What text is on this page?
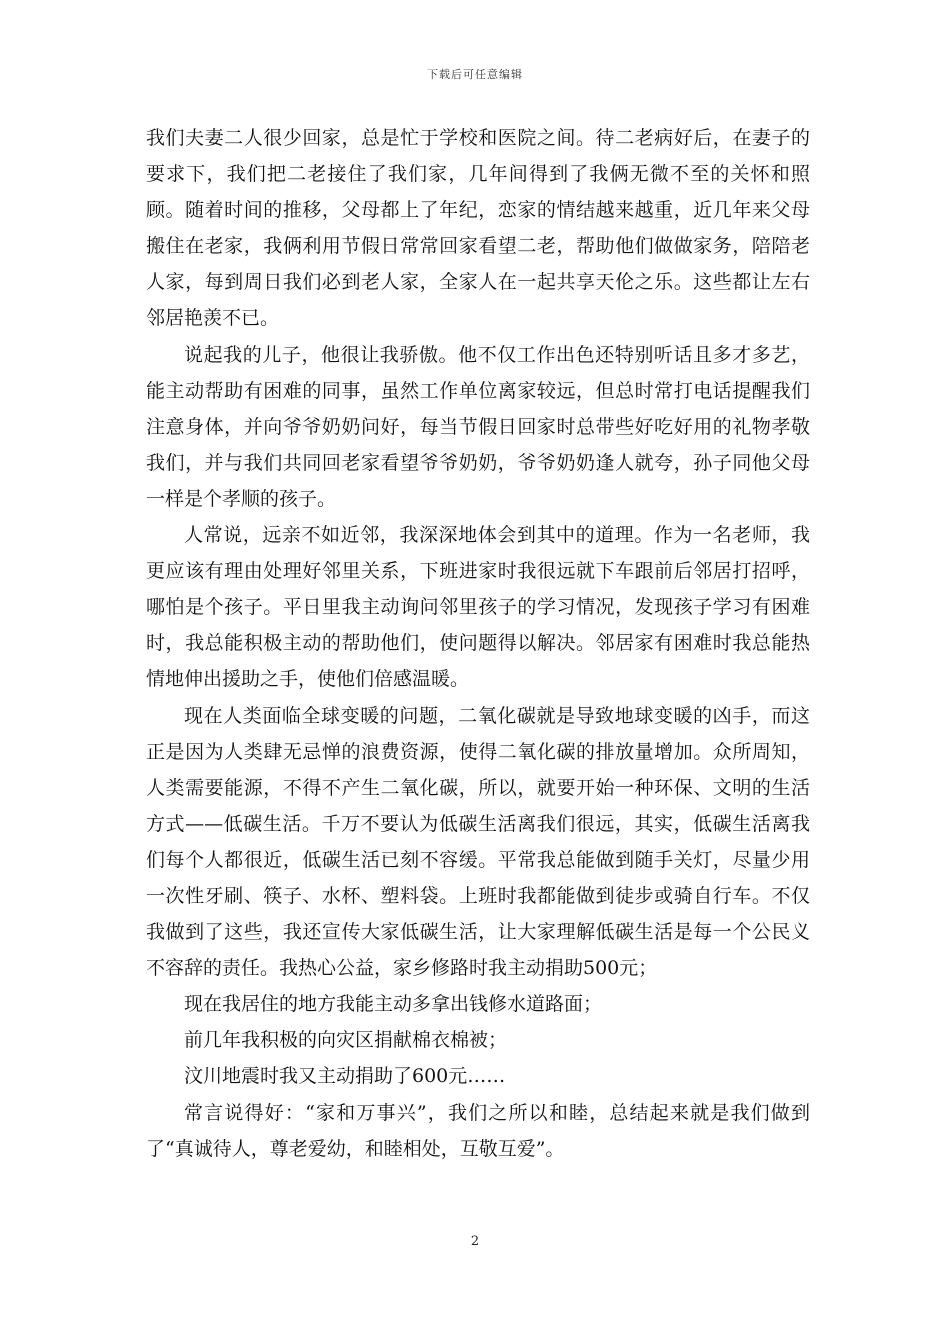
下载后可任意编辑

我们夫妻二人很少回家，总是忙于学校和医院之间。待二老病好后，在妻子的要求下，我们把二老接住了我们家，几年间得到了我俩无微不至的关怀和照顾。随着时间的推移，父母都上了年纪，恋家的情结越来越重，近几年来父母搬住在老家，我俩利用节假日常常回家看望二老，帮助他们做做家务，陪陪老人家，每到周日我们必到老人家，全家人在一起共享天伦之乐。这些都让左右邻居艳羡不已。

说起我的儿子，他很让我骄傲。他不仅工作出色还特别听话且多才多艺，能主动帮助有困难的同事，虽然工作单位离家较远，但总时常打电话提醒我们注意身体，并向爷爷奶奶问好，每当节假日回家时总带些好吃好用的礼物孝敬我们，并与我们共同回老家看望爷爷奶奶，爷爷奶奶逢人就夸，孙子同他父母一样是个孝顺的孩子。

人常说，远亲不如近邻，我深深地体会到其中的道理。作为一名老师，我更应该有理由处理好邻里关系，下班进家时我很远就下车跟前后邻居打招呼，哪怕是个孩子。平日里我主动询问邻里孩子的学习情况，发现孩子学习有困难时，我总能积极主动的帮助他们，使问题得以解决。邻居家有困难时我总能热情地伸出援助之手，使他们倍感温暖。

现在人类面临全球变暖的问题，二氧化碳就是导致地球变暖的凶手，而这正是因为人类肆无忌惮的浪费资源，使得二氧化碳的排放量增加。众所周知，人类需要能源，不得不产生二氧化碳，所以，就要开始一种环保、文明的生活方式——低碳生活。千万不要认为低碳生活离我们很远，其实，低碳生活离我们每个人都很近，低碳生活已刻不容缓。平常我总能做到随手关灯，尽量少用一次性牙刷、筷子、水杯、塑料袋。上班时我都能做到徒步或骑自行车。不仅我做到了这些，我还宣传大家低碳生活，让大家理解低碳生活是每一个公民义不容辞的责任。我热心公益，家乡修路时我主动捐助500元；

现在我居住的地方我能主动多拿出钱修水道路面；

前几年我积极的向灾区捐献棉衣棉被；

汶川地震时我又主动捐助了600元……

常言说得好：“家和万事兴”，我们之所以和睦，总结起来就是我们做到了“真诚待人，尊老爱幼，和睦相处，互敬互爱”。

2
